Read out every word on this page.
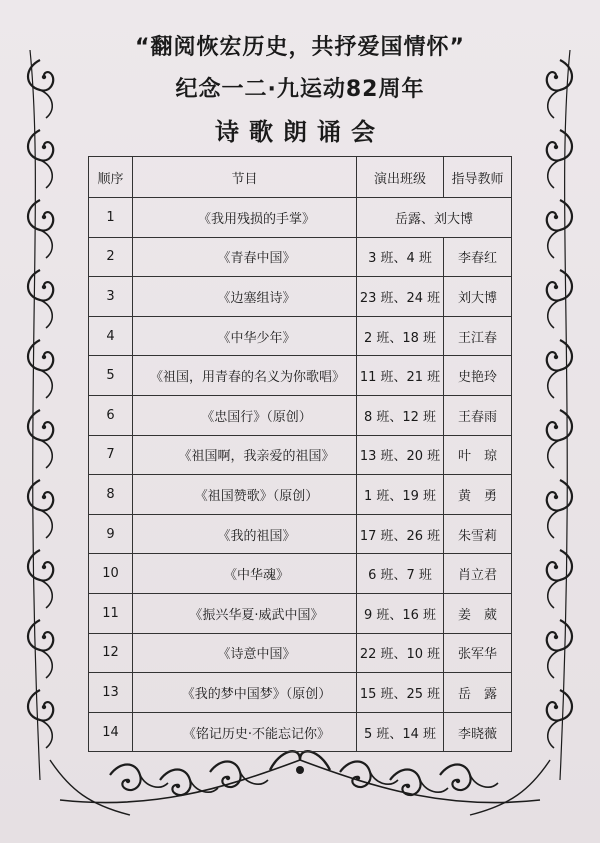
“翻阅恢宏历史，共抒爱国情怀”
纪念一二·九运动82周年
诗歌朗诵会
顺序	节目	演出班级	指导教师
1	《我用残损的手掌》	岳露、刘大博	
2	《青春中国》	3 班、4 班	李春红
3	《边塞组诗》	23 班、24 班	刘大博
4	《中华少年》	2 班、18 班	王江春
5	《祖国，用青春的名义为你歌唱》	11 班、21 班	史艳玲
6	《忠国行》（原创）	8 班、12 班	王春雨
7	《祖国啊，我亲爱的祖国》	13 班、20 班	叶　琼
8	《祖国赞歌》（原创）	1 班、19 班	黄　勇
9	《我的祖国》	17 班、26 班	朱雪莉
10	《中华魂》	6 班、7 班	肖立君
11	《振兴华夏·威武中国》	9 班、16 班	姜　葳
12	《诗意中国》	22 班、10 班	张军华
13	《我的梦中国梦》（原创）	15 班、25 班	岳　露
14	《铭记历史·不能忘记你》	5 班、14 班	李晓薇
